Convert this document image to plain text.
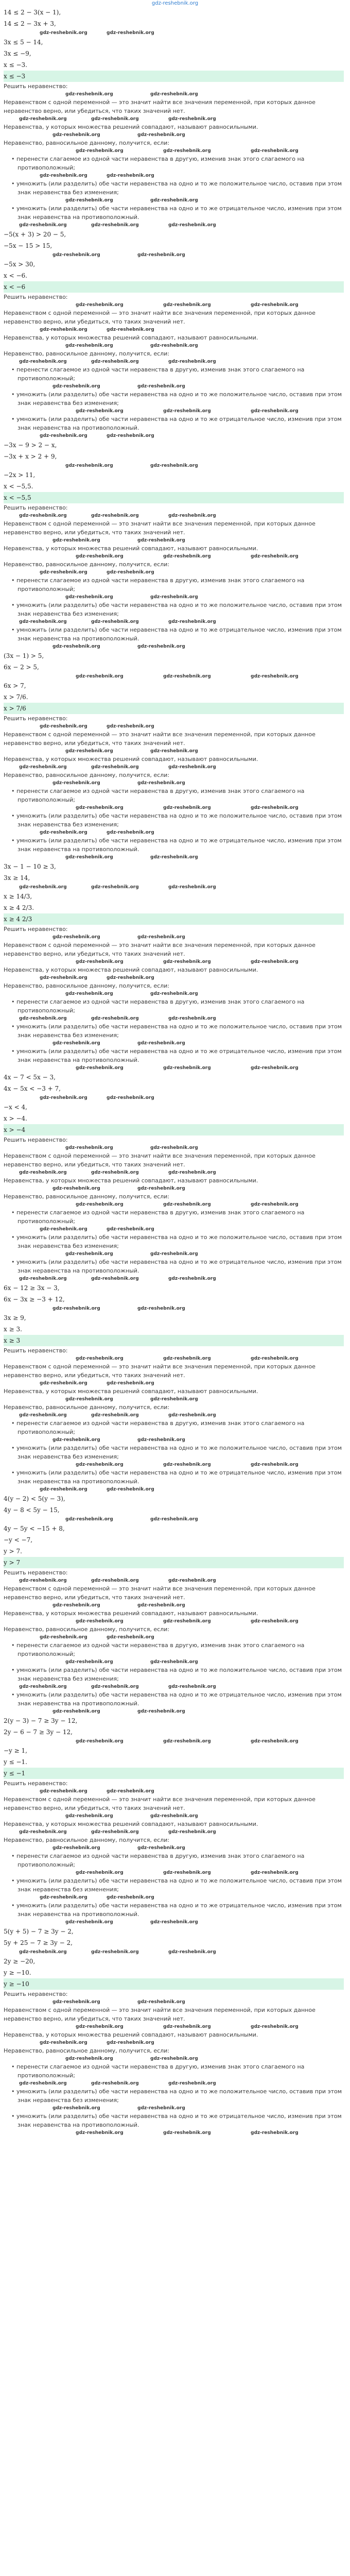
gdz-reshebnik.org
14 ≤ 2 − 3(x − 1),
14 ≤ 2 − 3x + 3,
gdz-reshebnik.org	gdz-reshebnik.org
3x ≤ 5 − 14,
3x ≤ −9,
x ≤ −3.
x ≤ −3
Решить неравенство:
gdz-reshebnik.org	gdz-reshebnik.org
Неравенством с одной переменной — это значит найти все значения переменной, при которых данное неравенство верно, или убедиться, что таких значений нет.
gdz-reshebnik.org	gdz-reshebnik.org	gdz-reshebnik.org
Неравенства, у которых множества решений совпадают, называют равносильными.
gdz-reshebnik.org	gdz-reshebnik.org
Неравенство, равносильное данному, получится, если:
gdz-reshebnik.org	gdz-reshebnik.org	gdz-reshebnik.org
• перенести слагаемое из одной части неравенства в другую, изменив знак этого слагаемого на противоположный;
gdz-reshebnik.org	gdz-reshebnik.org
• умножить (или разделить) обе части неравенства на одно и то же положительное число, оставив при этом знак неравенства без изменения;
gdz-reshebnik.org	gdz-reshebnik.org
• умножить (или разделить) обе части неравенства на одно и то же отрицательное число, изменив при этом знак неравенства на противоположный.
gdz-reshebnik.org	gdz-reshebnik.org	gdz-reshebnik.org
−5(x + 3) > 20 − 5,
−5x − 15 > 15,
gdz-reshebnik.org	gdz-reshebnik.org
−5x > 30,
x < −6.
x < −6
Решить неравенство:
gdz-reshebnik.org	gdz-reshebnik.org	gdz-reshebnik.org
Неравенством с одной переменной — это значит найти все значения переменной, при которых данное неравенство верно, или убедиться, что таких значений нет.
gdz-reshebnik.org	gdz-reshebnik.org
Неравенства, у которых множества решений совпадают, называют равносильными.
gdz-reshebnik.org	gdz-reshebnik.org
Неравенство, равносильное данному, получится, если:
gdz-reshebnik.org	gdz-reshebnik.org	gdz-reshebnik.org
• перенести слагаемое из одной части неравенства в другую, изменив знак этого слагаемого на противоположный;
gdz-reshebnik.org	gdz-reshebnik.org
• умножить (или разделить) обе части неравенства на одно и то же положительное число, оставив при этом знак неравенства без изменения;
gdz-reshebnik.org	gdz-reshebnik.org	gdz-reshebnik.org
• умножить (или разделить) обе части неравенства на одно и то же отрицательное число, изменив при этом знак неравенства на противоположный.
gdz-reshebnik.org	gdz-reshebnik.org
−3x − 9 > 2 − x,
−3x + x > 2 + 9,
gdz-reshebnik.org	gdz-reshebnik.org
−2x > 11,
x < −5,5.
x < −5,5
Решить неравенство:
gdz-reshebnik.org	gdz-reshebnik.org	gdz-reshebnik.org
Неравенством с одной переменной — это значит найти все значения переменной, при которых данное неравенство верно, или убедиться, что таких значений нет.
gdz-reshebnik.org	gdz-reshebnik.org
Неравенства, у которых множества решений совпадают, называют равносильными.
gdz-reshebnik.org	gdz-reshebnik.org	gdz-reshebnik.org
Неравенство, равносильное данному, получится, если:
gdz-reshebnik.org	gdz-reshebnik.org
• перенести слагаемое из одной части неравенства в другую, изменив знак этого слагаемого на противоположный;
gdz-reshebnik.org	gdz-reshebnik.org
• умножить (или разделить) обе части неравенства на одно и то же положительное число, оставив при этом знак неравенства без изменения;
gdz-reshebnik.org	gdz-reshebnik.org	gdz-reshebnik.org
• умножить (или разделить) обе части неравенства на одно и то же отрицательное число, изменив при этом знак неравенства на противоположный.
gdz-reshebnik.org	gdz-reshebnik.org
(3x − 1) > 5,
6x − 2 > 5,
gdz-reshebnik.org	gdz-reshebnik.org	gdz-reshebnik.org
6x > 7,
x > 7/6.
x > 7/6
Решить неравенство:
gdz-reshebnik.org	gdz-reshebnik.org
Неравенством с одной переменной — это значит найти все значения переменной, при которых данное неравенство верно, или убедиться, что таких значений нет.
gdz-reshebnik.org	gdz-reshebnik.org
Неравенства, у которых множества решений совпадают, называют равносильными.
gdz-reshebnik.org	gdz-reshebnik.org	gdz-reshebnik.org
Неравенство, равносильное данному, получится, если:
gdz-reshebnik.org	gdz-reshebnik.org
• перенести слагаемое из одной части неравенства в другую, изменив знак этого слагаемого на противоположный;
gdz-reshebnik.org	gdz-reshebnik.org	gdz-reshebnik.org
• умножить (или разделить) обе части неравенства на одно и то же положительное число, оставив при этом знак неравенства без изменения;
gdz-reshebnik.org	gdz-reshebnik.org
• умножить (или разделить) обе части неравенства на одно и то же отрицательное число, изменив при этом знак неравенства на противоположный.
gdz-reshebnik.org	gdz-reshebnik.org
3x − 1 − 10 ≥ 3,
3x ≥ 14,
gdz-reshebnik.org	gdz-reshebnik.org	gdz-reshebnik.org
x ≥ 14/3,
x ≥ 4 2/3.
x ≥ 4 2/3
Решить неравенство:
gdz-reshebnik.org	gdz-reshebnik.org
Неравенством с одной переменной — это значит найти все значения переменной, при которых данное неравенство верно, или убедиться, что таких значений нет.
gdz-reshebnik.org	gdz-reshebnik.org	gdz-reshebnik.org
Неравенства, у которых множества решений совпадают, называют равносильными.
gdz-reshebnik.org	gdz-reshebnik.org
Неравенство, равносильное данному, получится, если:
gdz-reshebnik.org	gdz-reshebnik.org
• перенести слагаемое из одной части неравенства в другую, изменив знак этого слагаемого на противоположный;
gdz-reshebnik.org	gdz-reshebnik.org	gdz-reshebnik.org
• умножить (или разделить) обе части неравенства на одно и то же положительное число, оставив при этом знак неравенства без изменения;
gdz-reshebnik.org	gdz-reshebnik.org
• умножить (или разделить) обе части неравенства на одно и то же отрицательное число, изменив при этом знак неравенства на противоположный.
gdz-reshebnik.org	gdz-reshebnik.org	gdz-reshebnik.org
4x − 7 < 5x − 3,
4x − 5x < −3 + 7,
gdz-reshebnik.org	gdz-reshebnik.org
−x < 4,
x > −4.
x > −4
Решить неравенство:
gdz-reshebnik.org	gdz-reshebnik.org
Неравенством с одной переменной — это значит найти все значения переменной, при которых данное неравенство верно, или убедиться, что таких значений нет.
gdz-reshebnik.org	gdz-reshebnik.org	gdz-reshebnik.org
Неравенства, у которых множества решений совпадают, называют равносильными.
gdz-reshebnik.org	gdz-reshebnik.org
Неравенство, равносильное данному, получится, если:
gdz-reshebnik.org	gdz-reshebnik.org	gdz-reshebnik.org
• перенести слагаемое из одной части неравенства в другую, изменив знак этого слагаемого на противоположный;
gdz-reshebnik.org	gdz-reshebnik.org
• умножить (или разделить) обе части неравенства на одно и то же положительное число, оставив при этом знак неравенства без изменения;
gdz-reshebnik.org	gdz-reshebnik.org
• умножить (или разделить) обе части неравенства на одно и то же отрицательное число, изменив при этом знак неравенства на противоположный.
gdz-reshebnik.org	gdz-reshebnik.org	gdz-reshebnik.org
6x − 12 ≥ 3x − 3,
6x − 3x ≥ −3 + 12,
gdz-reshebnik.org	gdz-reshebnik.org
3x ≥ 9,
x ≥ 3.
x ≥ 3
Решить неравенство:
gdz-reshebnik.org	gdz-reshebnik.org	gdz-reshebnik.org
Неравенством с одной переменной — это значит найти все значения переменной, при которых данное неравенство верно, или убедиться, что таких значений нет.
gdz-reshebnik.org	gdz-reshebnik.org
Неравенства, у которых множества решений совпадают, называют равносильными.
gdz-reshebnik.org	gdz-reshebnik.org
Неравенство, равносильное данному, получится, если:
gdz-reshebnik.org	gdz-reshebnik.org	gdz-reshebnik.org
• перенести слагаемое из одной части неравенства в другую, изменив знак этого слагаемого на противоположный;
gdz-reshebnik.org	gdz-reshebnik.org
• умножить (или разделить) обе части неравенства на одно и то же положительное число, оставив при этом знак неравенства без изменения;
gdz-reshebnik.org	gdz-reshebnik.org	gdz-reshebnik.org
• умножить (или разделить) обе части неравенства на одно и то же отрицательное число, изменив при этом знак неравенства на противоположный.
gdz-reshebnik.org	gdz-reshebnik.org
4(y − 2) < 5(y − 3),
4y − 8 < 5y − 15,
gdz-reshebnik.org	gdz-reshebnik.org
4y − 5y < −15 + 8,
−y < −7,
y > 7.
y > 7
Решить неравенство:
gdz-reshebnik.org	gdz-reshebnik.org	gdz-reshebnik.org
Неравенством с одной переменной — это значит найти все значения переменной, при которых данное неравенство верно, или убедиться, что таких значений нет.
gdz-reshebnik.org	gdz-reshebnik.org
Неравенства, у которых множества решений совпадают, называют равносильными.
gdz-reshebnik.org	gdz-reshebnik.org	gdz-reshebnik.org
Неравенство, равносильное данному, получится, если:
gdz-reshebnik.org	gdz-reshebnik.org
• перенести слагаемое из одной части неравенства в другую, изменив знак этого слагаемого на противоположный;
gdz-reshebnik.org	gdz-reshebnik.org
• умножить (или разделить) обе части неравенства на одно и то же положительное число, оставив при этом знак неравенства без изменения;
gdz-reshebnik.org	gdz-reshebnik.org	gdz-reshebnik.org
• умножить (или разделить) обе части неравенства на одно и то же отрицательное число, изменив при этом знак неравенства на противоположный.
gdz-reshebnik.org	gdz-reshebnik.org
2(y − 3) − 7 ≥ 3y − 12,
2y − 6 − 7 ≥ 3y − 12,
gdz-reshebnik.org	gdz-reshebnik.org	gdz-reshebnik.org
−y ≥ 1,
y ≤ −1.
y ≤ −1
Решить неравенство:
gdz-reshebnik.org	gdz-reshebnik.org
Неравенством с одной переменной — это значит найти все значения переменной, при которых данное неравенство верно, или убедиться, что таких значений нет.
gdz-reshebnik.org	gdz-reshebnik.org
Неравенства, у которых множества решений совпадают, называют равносильными.
gdz-reshebnik.org	gdz-reshebnik.org	gdz-reshebnik.org
Неравенство, равносильное данному, получится, если:
gdz-reshebnik.org	gdz-reshebnik.org
• перенести слагаемое из одной части неравенства в другую, изменив знак этого слагаемого на противоположный;
gdz-reshebnik.org	gdz-reshebnik.org	gdz-reshebnik.org
• умножить (или разделить) обе части неравенства на одно и то же положительное число, оставив при этом знак неравенства без изменения;
gdz-reshebnik.org	gdz-reshebnik.org
• умножить (или разделить) обе части неравенства на одно и то же отрицательное число, изменив при этом знак неравенства на противоположный.
gdz-reshebnik.org	gdz-reshebnik.org
5(y + 5) − 7 ≥ 3y − 2,
5y + 25 − 7 ≥ 3y − 2,
gdz-reshebnik.org	gdz-reshebnik.org	gdz-reshebnik.org
2y ≥ −20,
y ≥ −10.
y ≥ −10
Решить неравенство:
gdz-reshebnik.org	gdz-reshebnik.org
Неравенством с одной переменной — это значит найти все значения переменной, при которых данное неравенство верно, или убедиться, что таких значений нет.
gdz-reshebnik.org	gdz-reshebnik.org	gdz-reshebnik.org
Неравенства, у которых множества решений совпадают, называют равносильными.
gdz-reshebnik.org	gdz-reshebnik.org
Неравенство, равносильное данному, получится, если:
gdz-reshebnik.org	gdz-reshebnik.org
• перенести слагаемое из одной части неравенства в другую, изменив знак этого слагаемого на противоположный;
gdz-reshebnik.org	gdz-reshebnik.org	gdz-reshebnik.org
• умножить (или разделить) обе части неравенства на одно и то же положительное число, оставив при этом знак неравенства без изменения;
gdz-reshebnik.org	gdz-reshebnik.org
• умножить (или разделить) обе части неравенства на одно и то же отрицательное число, изменив при этом знак неравенства на противоположный.
gdz-reshebnik.org	gdz-reshebnik.org	gdz-reshebnik.org
